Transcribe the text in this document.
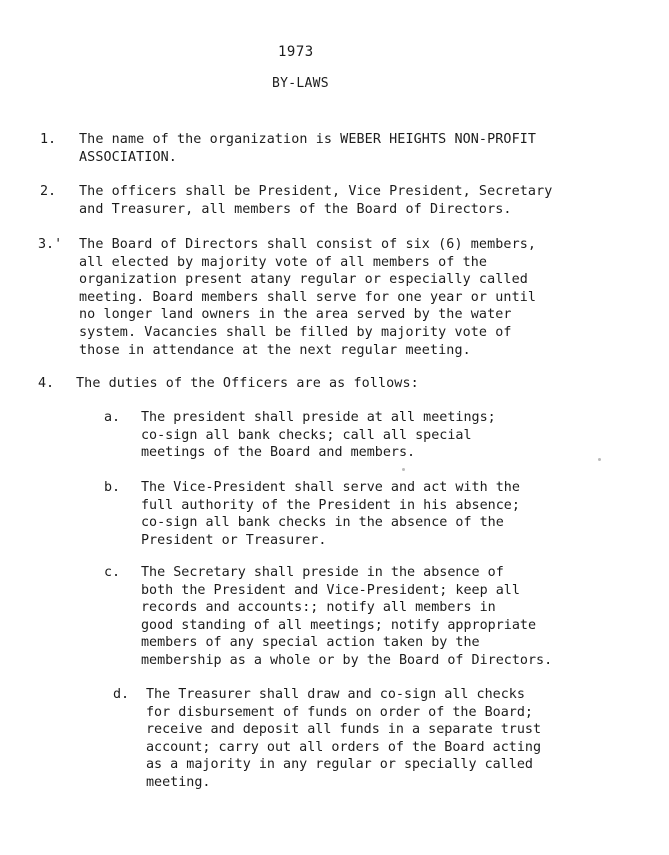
1973
BY-LAWS
1. The name of the organization is WEBER HEIGHTS NON-PROFIT
ASSOCIATION.
2. The officers shall be President, Vice President, Secretary
and Treasurer, all members of the Board of Directors.
3.' The Board of Directors shall consist of six (6) members,
all elected by majority vote of all members of the
organization present atany regular or especially called
meeting. Board members shall serve for one year or until
no longer land owners in the area served by the water
system. Vacancies shall be filled by majority vote of
those in attendance at the next regular meeting.
4. The duties of the Officers are as follows:
a. The president shall preside at all meetings;
co-sign all bank checks; call all special
meetings of the Board and members.
b. The Vice-President shall serve and act with the
full authority of the President in his absence;
co-sign all bank checks in the absence of the
President or Treasurer.
c. The Secretary shall preside in the absence of
both the President and Vice-President; keep all
records and accounts:; notify all members in
good standing of all meetings; notify appropriate
members of any special action taken by the
membership as a whole or by the Board of Directors.
d. The Treasurer shall draw and co-sign all checks
for disbursement of funds on order of the Board;
receive and deposit all funds in a separate trust
account; carry out all orders of the Board acting
as a majority in any regular or specially called
meeting.
